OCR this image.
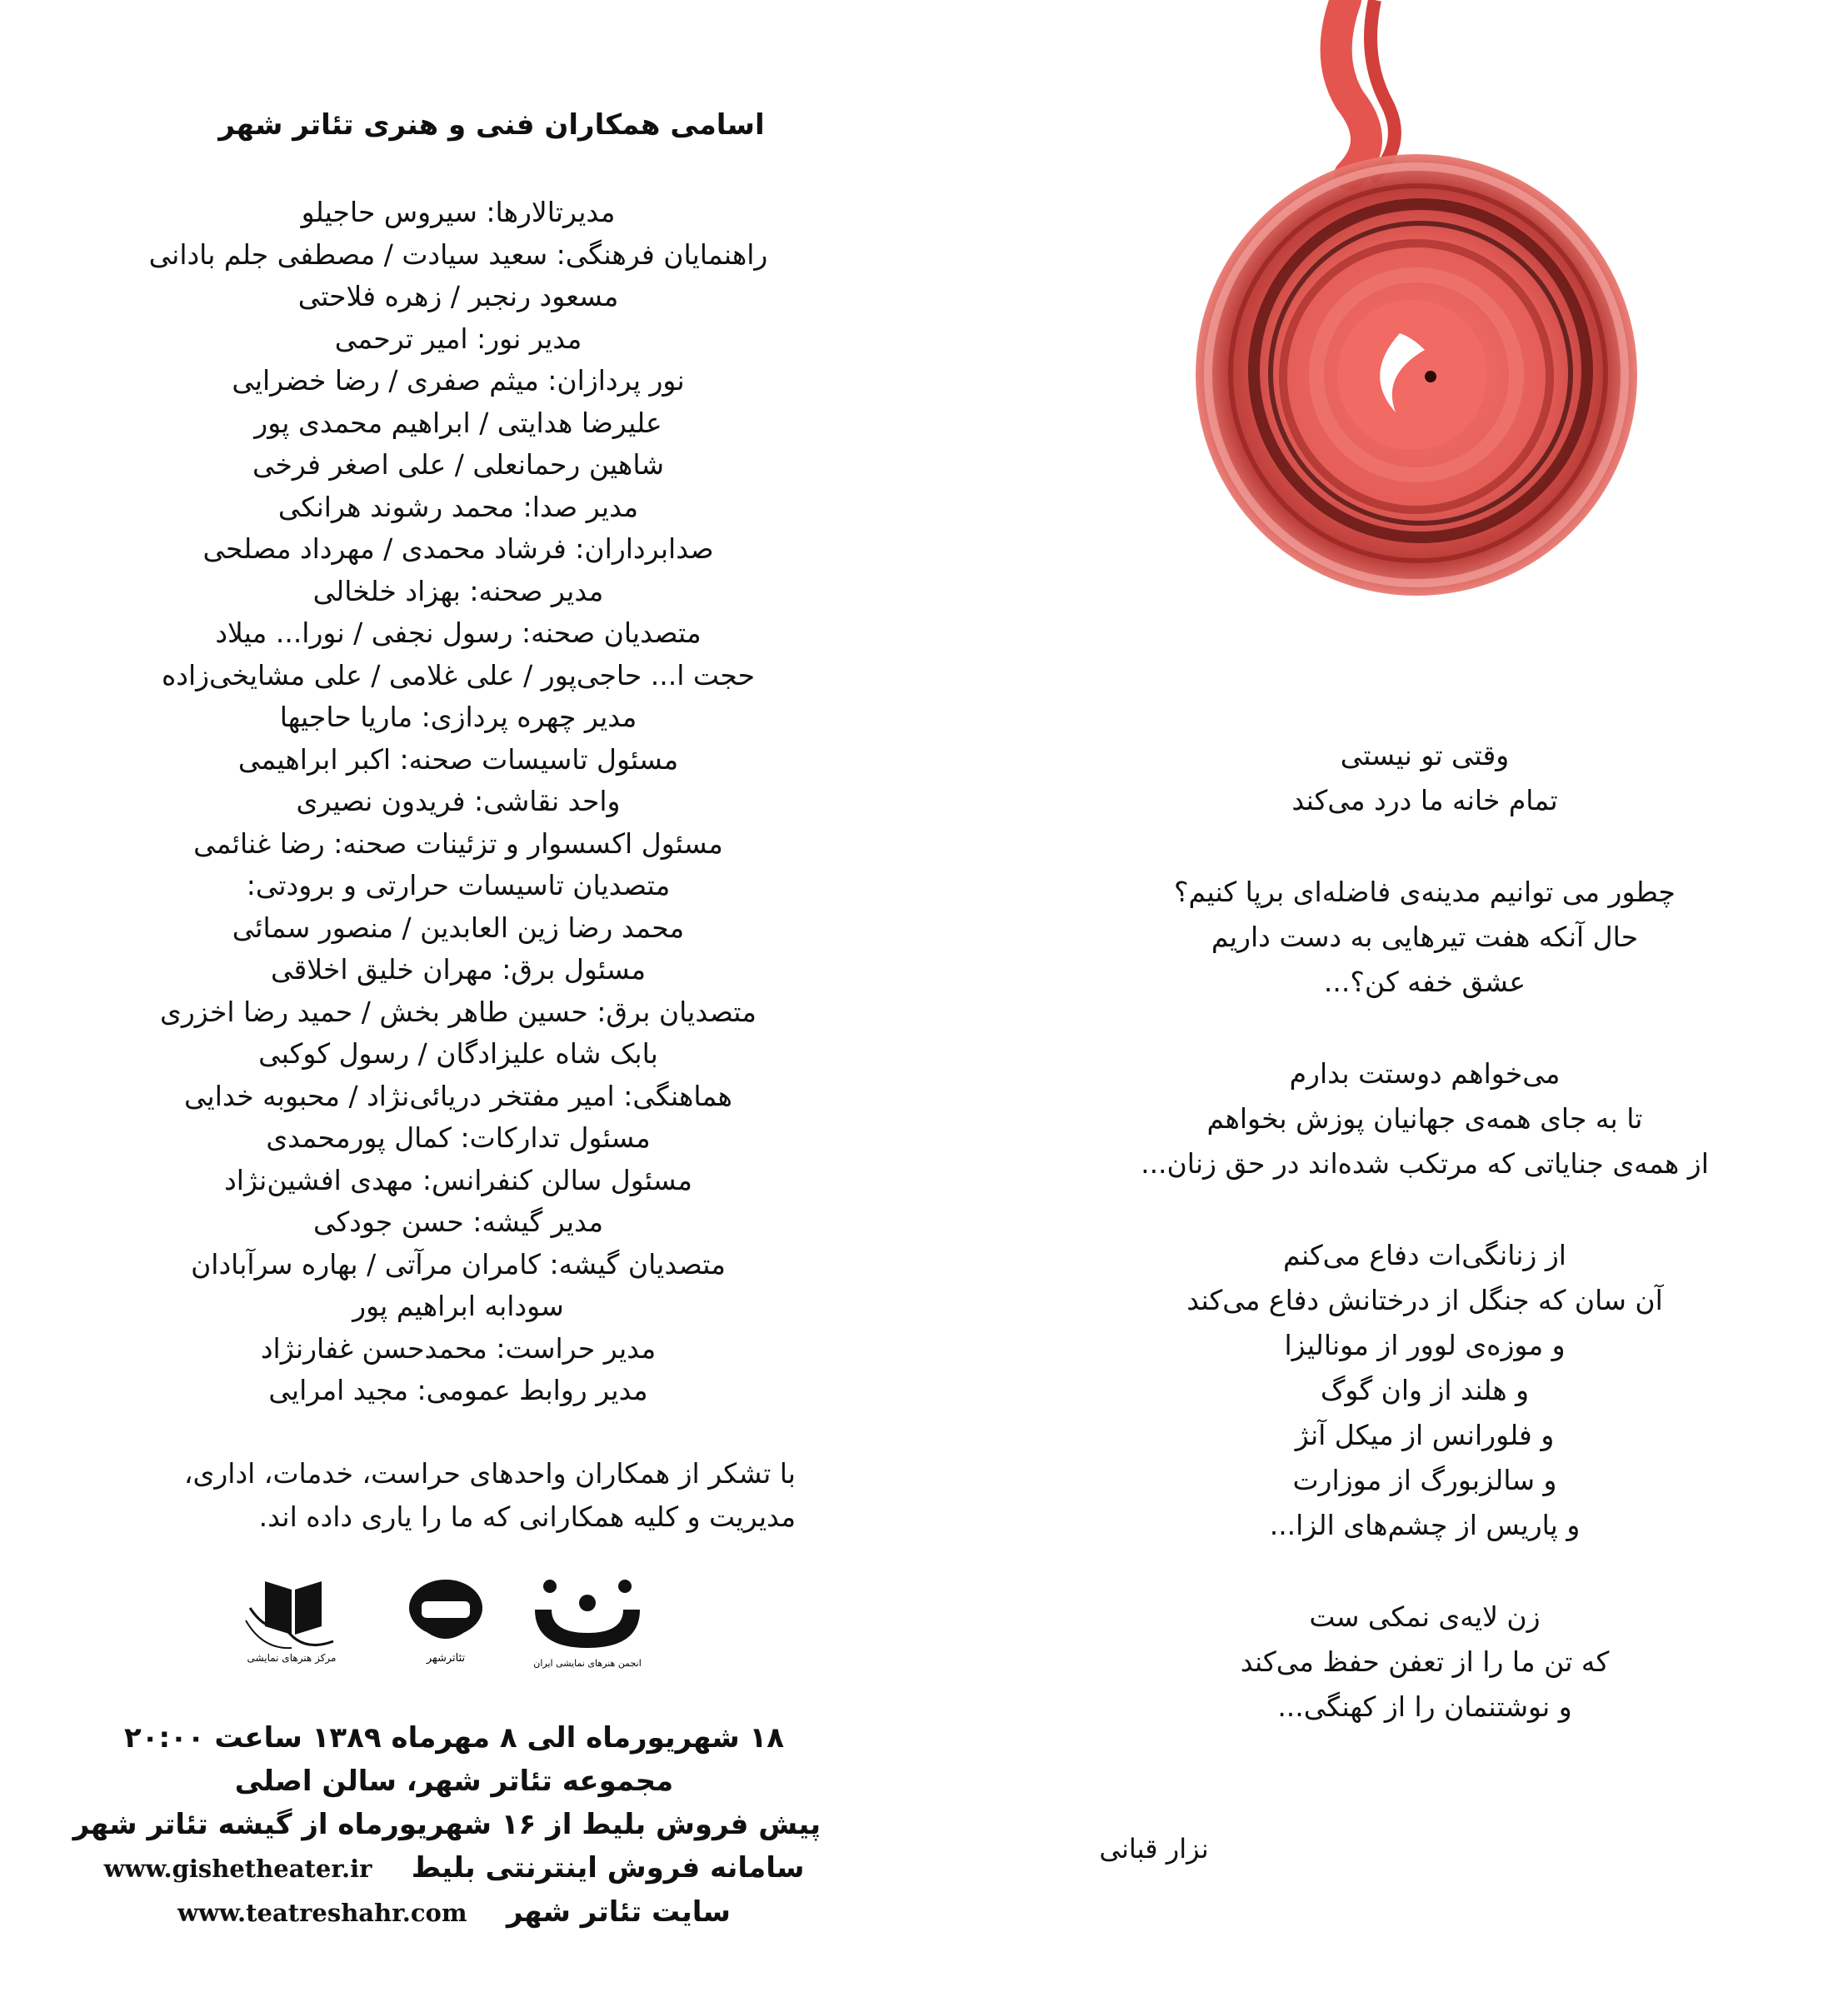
اسامی همکاران فنی و هنری تئاتر شهر
مدیرتالارها: سیروس حاجیلو
راهنمایان فرهنگی: سعید سیادت / مصطفی جلم بادانی
مسعود رنجبر / زهره فلاحتی
مدیر نور: امیر ترحمی
نور پردازان: میثم صفری / رضا خضرایی
علیرضا هدایتی / ابراهیم محمدی پور
شاهین رحمانعلی / علی اصغر فرخی
مدیر صدا: محمد رشوند هرانکی
صدابرداران: فرشاد محمدی / مهرداد مصلحی
مدیر صحنه: بهزاد خلخالی
متصدیان صحنه: رسول نجفی / نورا... میلاد
حجت ا... حاجی‌پور / علی غلامی / علی مشایخی‌زاده
مدیر چهره پردازی: ماریا حاجیها
مسئول تاسیسات صحنه: اکبر ابراهیمی
واحد نقاشی: فریدون نصیری
مسئول اکسسوار و تزئینات صحنه: رضا غنائمی
متصدیان تاسیسات حرارتی و برودتی:
محمد رضا زین العابدین / منصور سمائی
مسئول برق: مهران خلیق اخلاقی
متصدیان برق: حسین طاهر بخش / حمید رضا اخزری
بابک شاه علیزادگان / رسول کوکبی
هماهنگی: امیر مفتخر دریائی‌نژاد / محبوبه خدایی
مسئول تدارکات: کمال پورمحمدی
مسئول سالن کنفرانس: مهدی افشین‌نژاد
مدیر گیشه: حسن جودکی
متصدیان گیشه: کامران مرآتی / بهاره سرآبادان
سودابه ابراهیم پور
مدیر حراست: محمدحسن غفارنژاد
مدیر روابط عمومی: مجید امرایی
با تشکر از همکاران واحدهای حراست، خدمات، اداری،
مدیریت و کلیه همکارانی که ما را یاری داده اند.
مرکز هنرهای نمایشی	تئاترشهر	انجمن هنرهای نمایشی ایران
۱۸ شهریورماه الی ۸ مهرماه ۱۳۸۹ ساعت ۲۰:۰۰
مجموعه تئاتر شهر، سالن اصلی
پیش فروش بلیط از ۱۶ شهریورماه از گیشه تئاتر شهر
سامانه فروش اینترنتی بلیط    www.gishetheater.ir
سایت تئاتر شهر    www.teatreshahr.com
وقتی تو نیستی
تمام خانه ما درد می‌کند
چطور می توانیم مدینه‌ی فاضله‌ای برپا کنیم؟
حال آنکه هفت تیرهایی به دست داریم
عشق خفه کن؟...
می‌خواهم دوستت بدارم
تا به جای همه‌ی جهانیان پوزش بخواهم
از همه‌ی جنایاتی که مرتکب شده‌اند در حق زنان...
از زنانگی‌ات دفاع می‌کنم
آن سان که جنگل از درختانش دفاع می‌کند
و موزه‌ی لوور از مونالیزا
و هلند از وان گوگ
و فلورانس از میکل آنژ
و سالزبورگ از موزارت
و پاریس از چشم‌های الزا...
زن لایه‌ی نمکی ست
که تن ما را از تعفن حفظ می‌کند
و نوشتنمان را از کهنگی...
نزار قبانی
